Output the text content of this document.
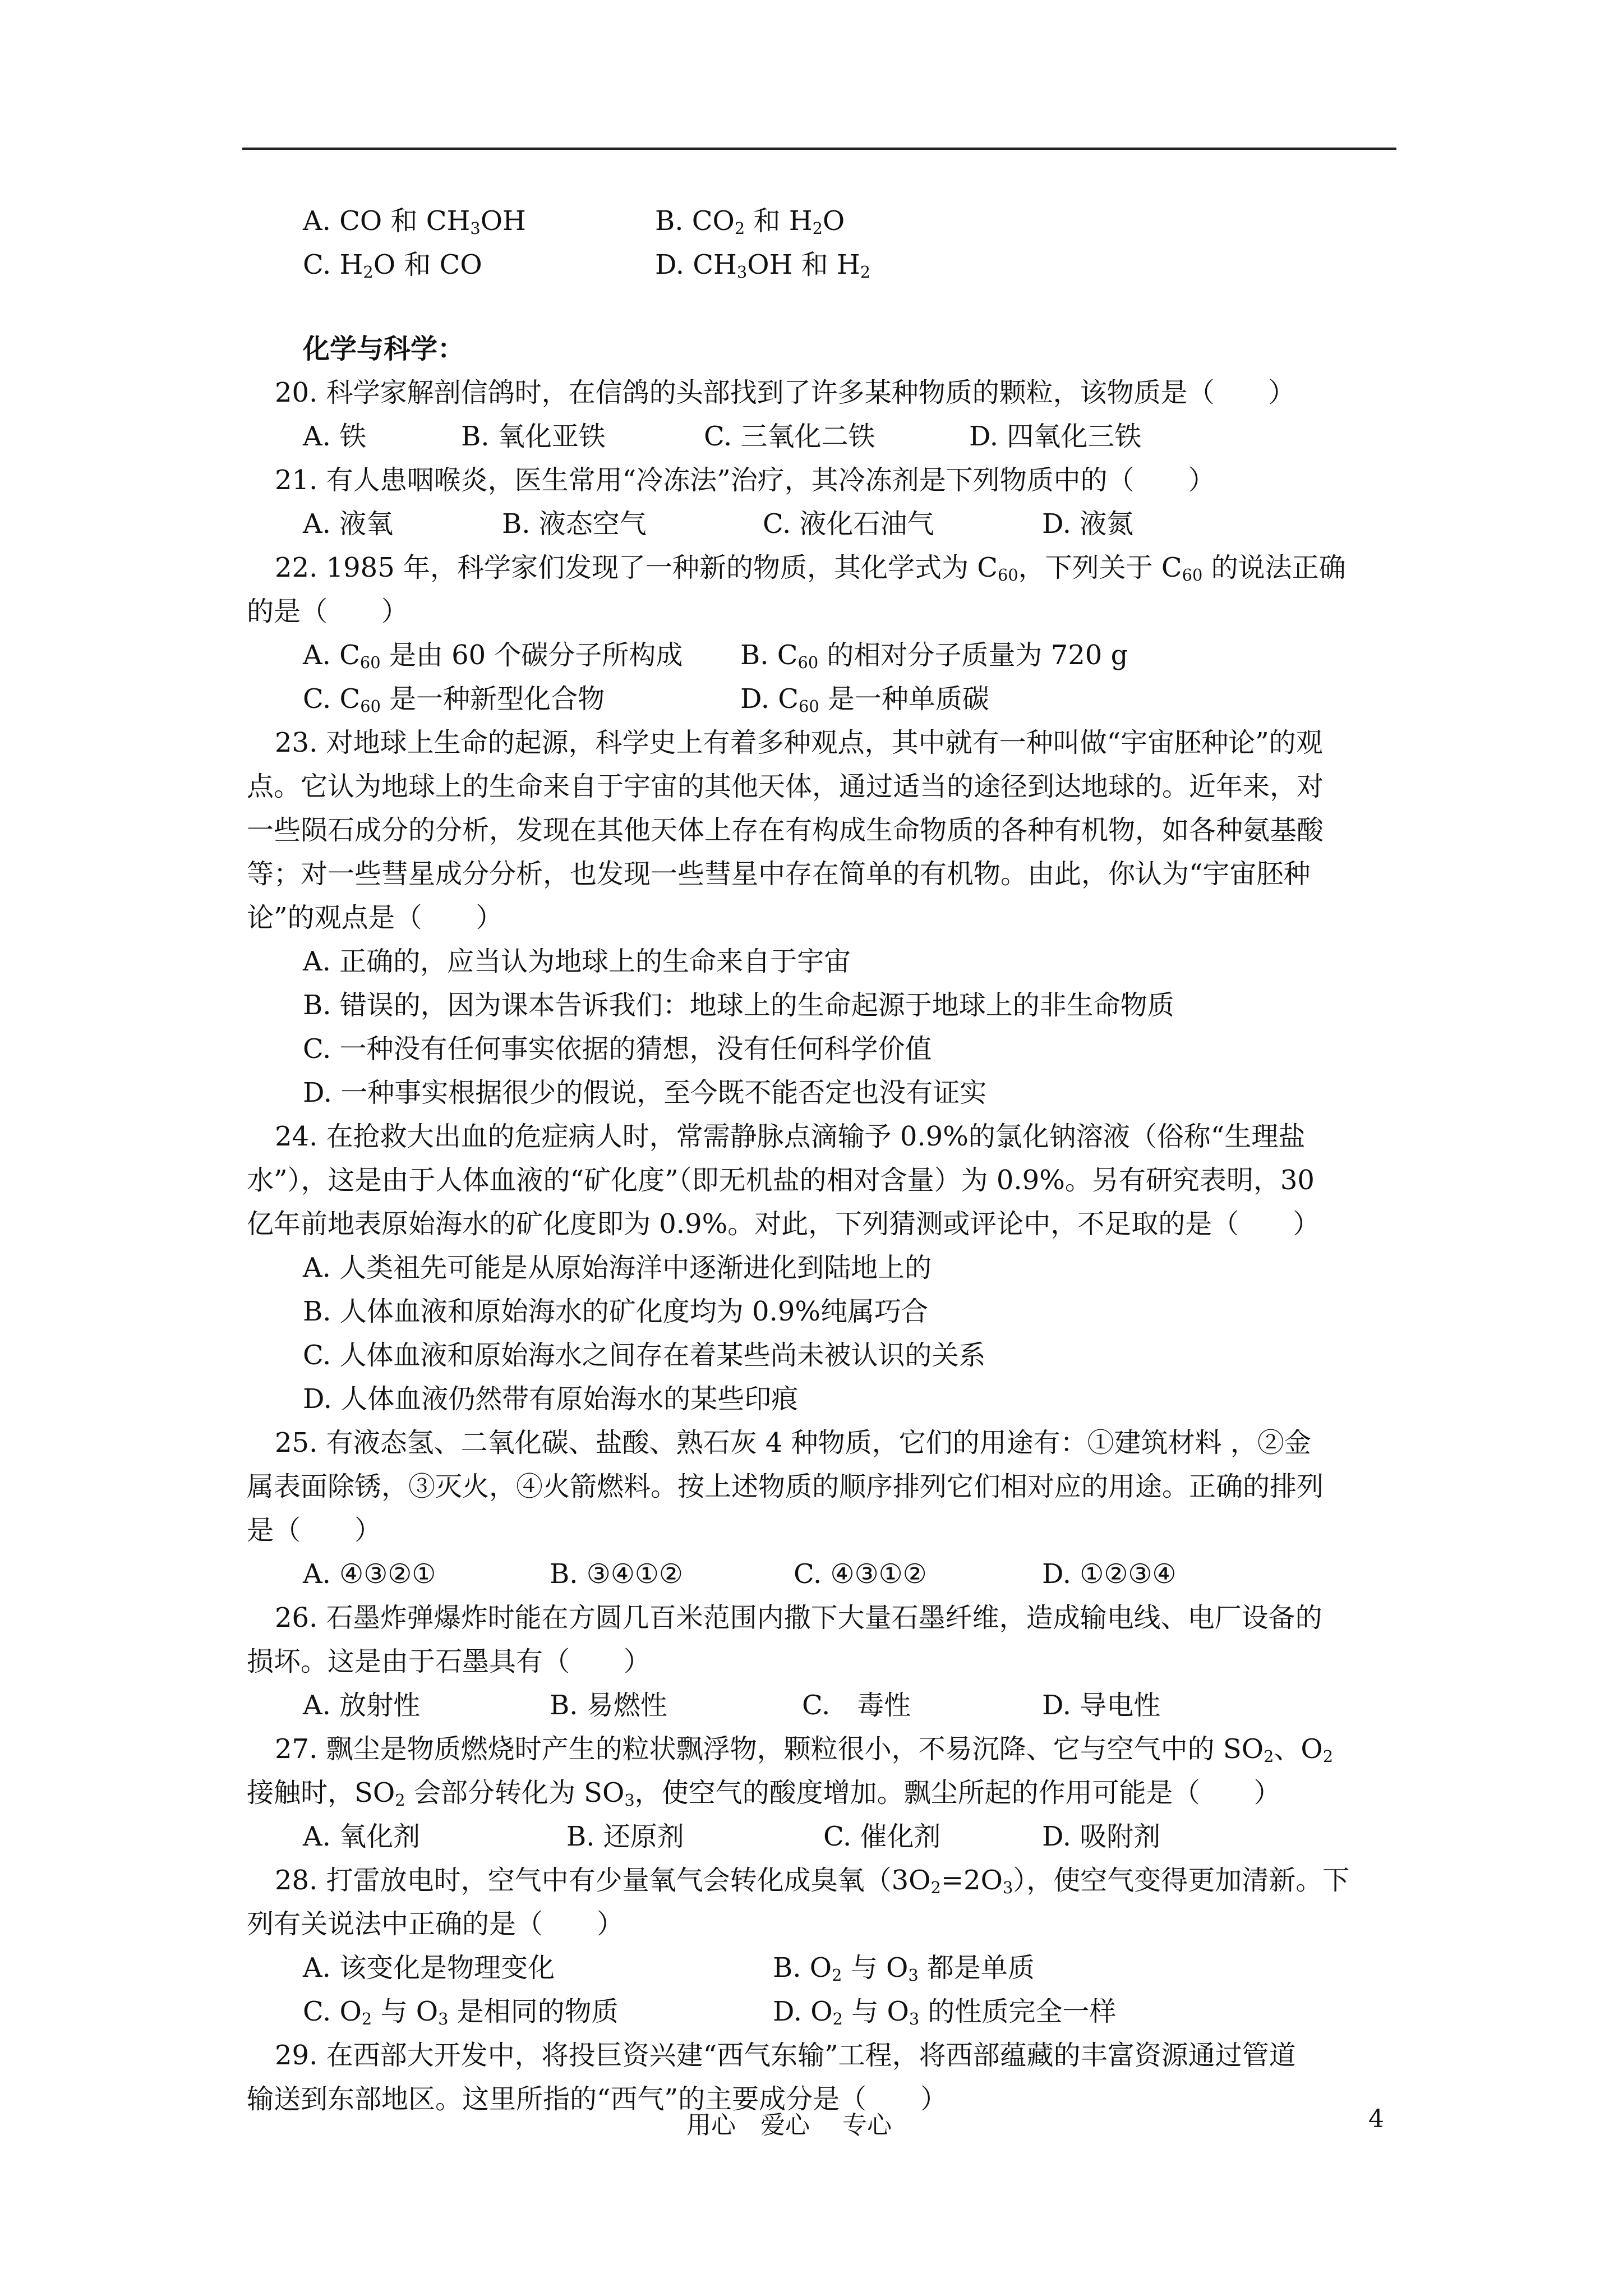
A. CO 和 $CH_3OH$	B. $CO_2$ 和 $H_2O$
C. $H_2O$ 和 CO	D. $CH_3OH$ 和 $H_2$
化学与科学：
20. 科学家解剖信鸽时，在信鸽的头部找到了许多某种物质的颗粒，该物质是（　　）
A. 铁	B. 氧化亚铁	C. 三氧化二铁	D. 四氧化三铁
21. 有人患咽喉炎，医生常用“冷冻法”治疗，其冷冻剂是下列物质中的（　　）
A. 液氧	B. 液态空气	C. 液化石油气	D. 液氮
22. 1985 年，科学家们发现了一种新的物质，其化学式为 $C_{60}$，下列关于 $C_{60}$ 的说法正确
的是（　　）
A. $C_{60}$ 是由 60 个碳分子所构成 B. $C_{60}$ 的相对分子质量为 720 g
C. $C_{60}$ 是一种新型化合物	D. $C_{60}$ 是一种单质碳
23. 对地球上生命的起源，科学史上有着多种观点，其中就有一种叫做“宇宙胚种论”的观
点。它认为地球上的生命来自于宇宙的其他天体，通过适当的途径到达地球的。近年来，对
一些陨石成分的分析，发现在其他天体上存在有构成生命物质的各种有机物，如各种氨基酸
等；对一些彗星成分分析，也发现一些彗星中存在简单的有机物。由此，你认为“宇宙胚种
论”的观点是（　　）
A. 正确的，应当认为地球上的生命来自于宇宙
B. 错误的，因为课本告诉我们：地球上的生命起源于地球上的非生命物质
C. 一种没有任何事实依据的猜想，没有任何科学价值
D. 一种事实根据很少的假说，至今既不能否定也没有证实
24. 在抢救大出血的危症病人时，常需静脉点滴输予 0.9%的氯化钠溶液（俗称“生理盐
水”），这是由于人体血液的“矿化度”（即无机盐的相对含量）为 0.9%。另有研究表明，30
亿年前地表原始海水的矿化度即为 0.9%。对此，下列猜测或评论中，不足取的是（　　）
A. 人类祖先可能是从原始海洋中逐渐进化到陆地上的
B. 人体血液和原始海水的矿化度均为 0.9%纯属巧合
C. 人体血液和原始海水之间存在着某些尚未被认识的关系
D. 人体血液仍然带有原始海水的某些印痕
25. 有液态氢、二氧化碳、盐酸、熟石灰 4 种物质，它们的用途有：①建筑材料 ，②金
属表面除锈，③灭火，④火箭燃料。按上述物质的顺序排列它们相对应的用途。正确的排列
是（　　）
A. ④③②①	B. ③④①②	C. ④③①②	D. ①②③④
26. 石墨炸弹爆炸时能在方圆几百米范围内撒下大量石墨纤维，造成输电线、电厂设备的
损坏。这是由于石墨具有（　　）
A. 放射性	B. 易燃性	C.　毒性	D. 导电性
27. 飘尘是物质燃烧时产生的粒状飘浮物，颗粒很小，不易沉降、它与空气中的 $SO_2$、$O_2$
接触时，$SO_2$ 会部分转化为 $SO_3$，使空气的酸度增加。飘尘所起的作用可能是（　　）
A. 氧化剂	B. 还原剂	C. 催化剂	D. 吸附剂
28. 打雷放电时，空气中有少量氧气会转化成臭氧$(3O_2=2O_3)$，使空气变得更加清新。下
列有关说法中正确的是（　　）
A. 该变化是物理变化	B. $O_2$ 与 $O_3$ 都是单质
C. $O_2$ 与 $O_3$ 是相同的物质	D. $O_2$ 与 $O_3$ 的性质完全一样
29. 在西部大开发中，将投巨资兴建“西气东输”工程，将西部蕴藏的丰富资源通过管道
输送到东部地区。这里所指的“西气”的主要成分是（　　）
用心　爱心　 专心	4
